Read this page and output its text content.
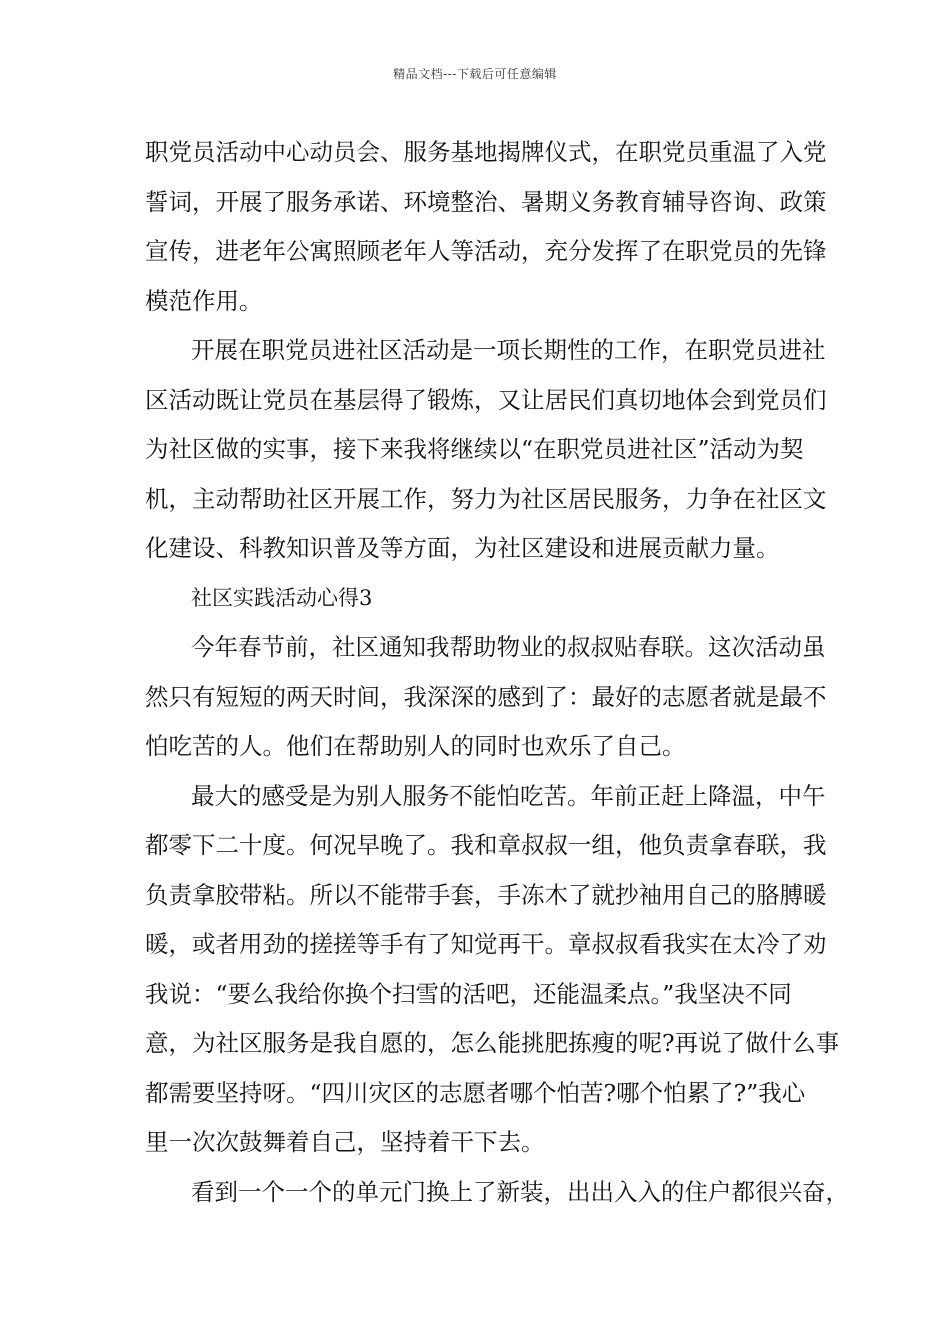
精品文档---下载后可任意编辑

职党员活动中心动员会、服务基地揭牌仪式，在职党员重温了入党

誓词，开展了服务承诺、环境整治、暑期义务教育辅导咨询、政策

宣传，进老年公寓照顾老年人等活动，充分发挥了在职党员的先锋

模范作用。

开展在职党员进社区活动是一项长期性的工作，在职党员进社

区活动既让党员在基层得了锻炼，又让居民们真切地体会到党员们

为社区做的实事，接下来我将继续以“在职党员进社区”活动为契

机，主动帮助社区开展工作，努力为社区居民服务，力争在社区文

化建设、科教知识普及等方面，为社区建设和进展贡献力量。

社区实践活动心得3

今年春节前，社区通知我帮助物业的叔叔贴春联。这次活动虽

然只有短短的两天时间，我深深的感到了：最好的志愿者就是最不

怕吃苦的人。他们在帮助别人的同时也欢乐了自己。

最大的感受是为别人服务不能怕吃苦。年前正赶上降温，中午

都零下二十度。何况早晚了。我和章叔叔一组，他负责拿春联，我

负责拿胶带粘。所以不能带手套，手冻木了就抄袖用自己的胳膊暖

暖，或者用劲的搓搓等手有了知觉再干。章叔叔看我实在太冷了劝

我说：“要么我给你换个扫雪的活吧，还能温柔点。”我坚决不同

意，为社区服务是我自愿的，怎么能挑肥拣瘦的呢?再说了做什么事

都需要坚持呀。“四川灾区的志愿者哪个怕苦?哪个怕累了?”我心

里一次次鼓舞着自己，坚持着干下去。

看到一个一个的单元门换上了新装，出出入入的住户都很兴奋，
